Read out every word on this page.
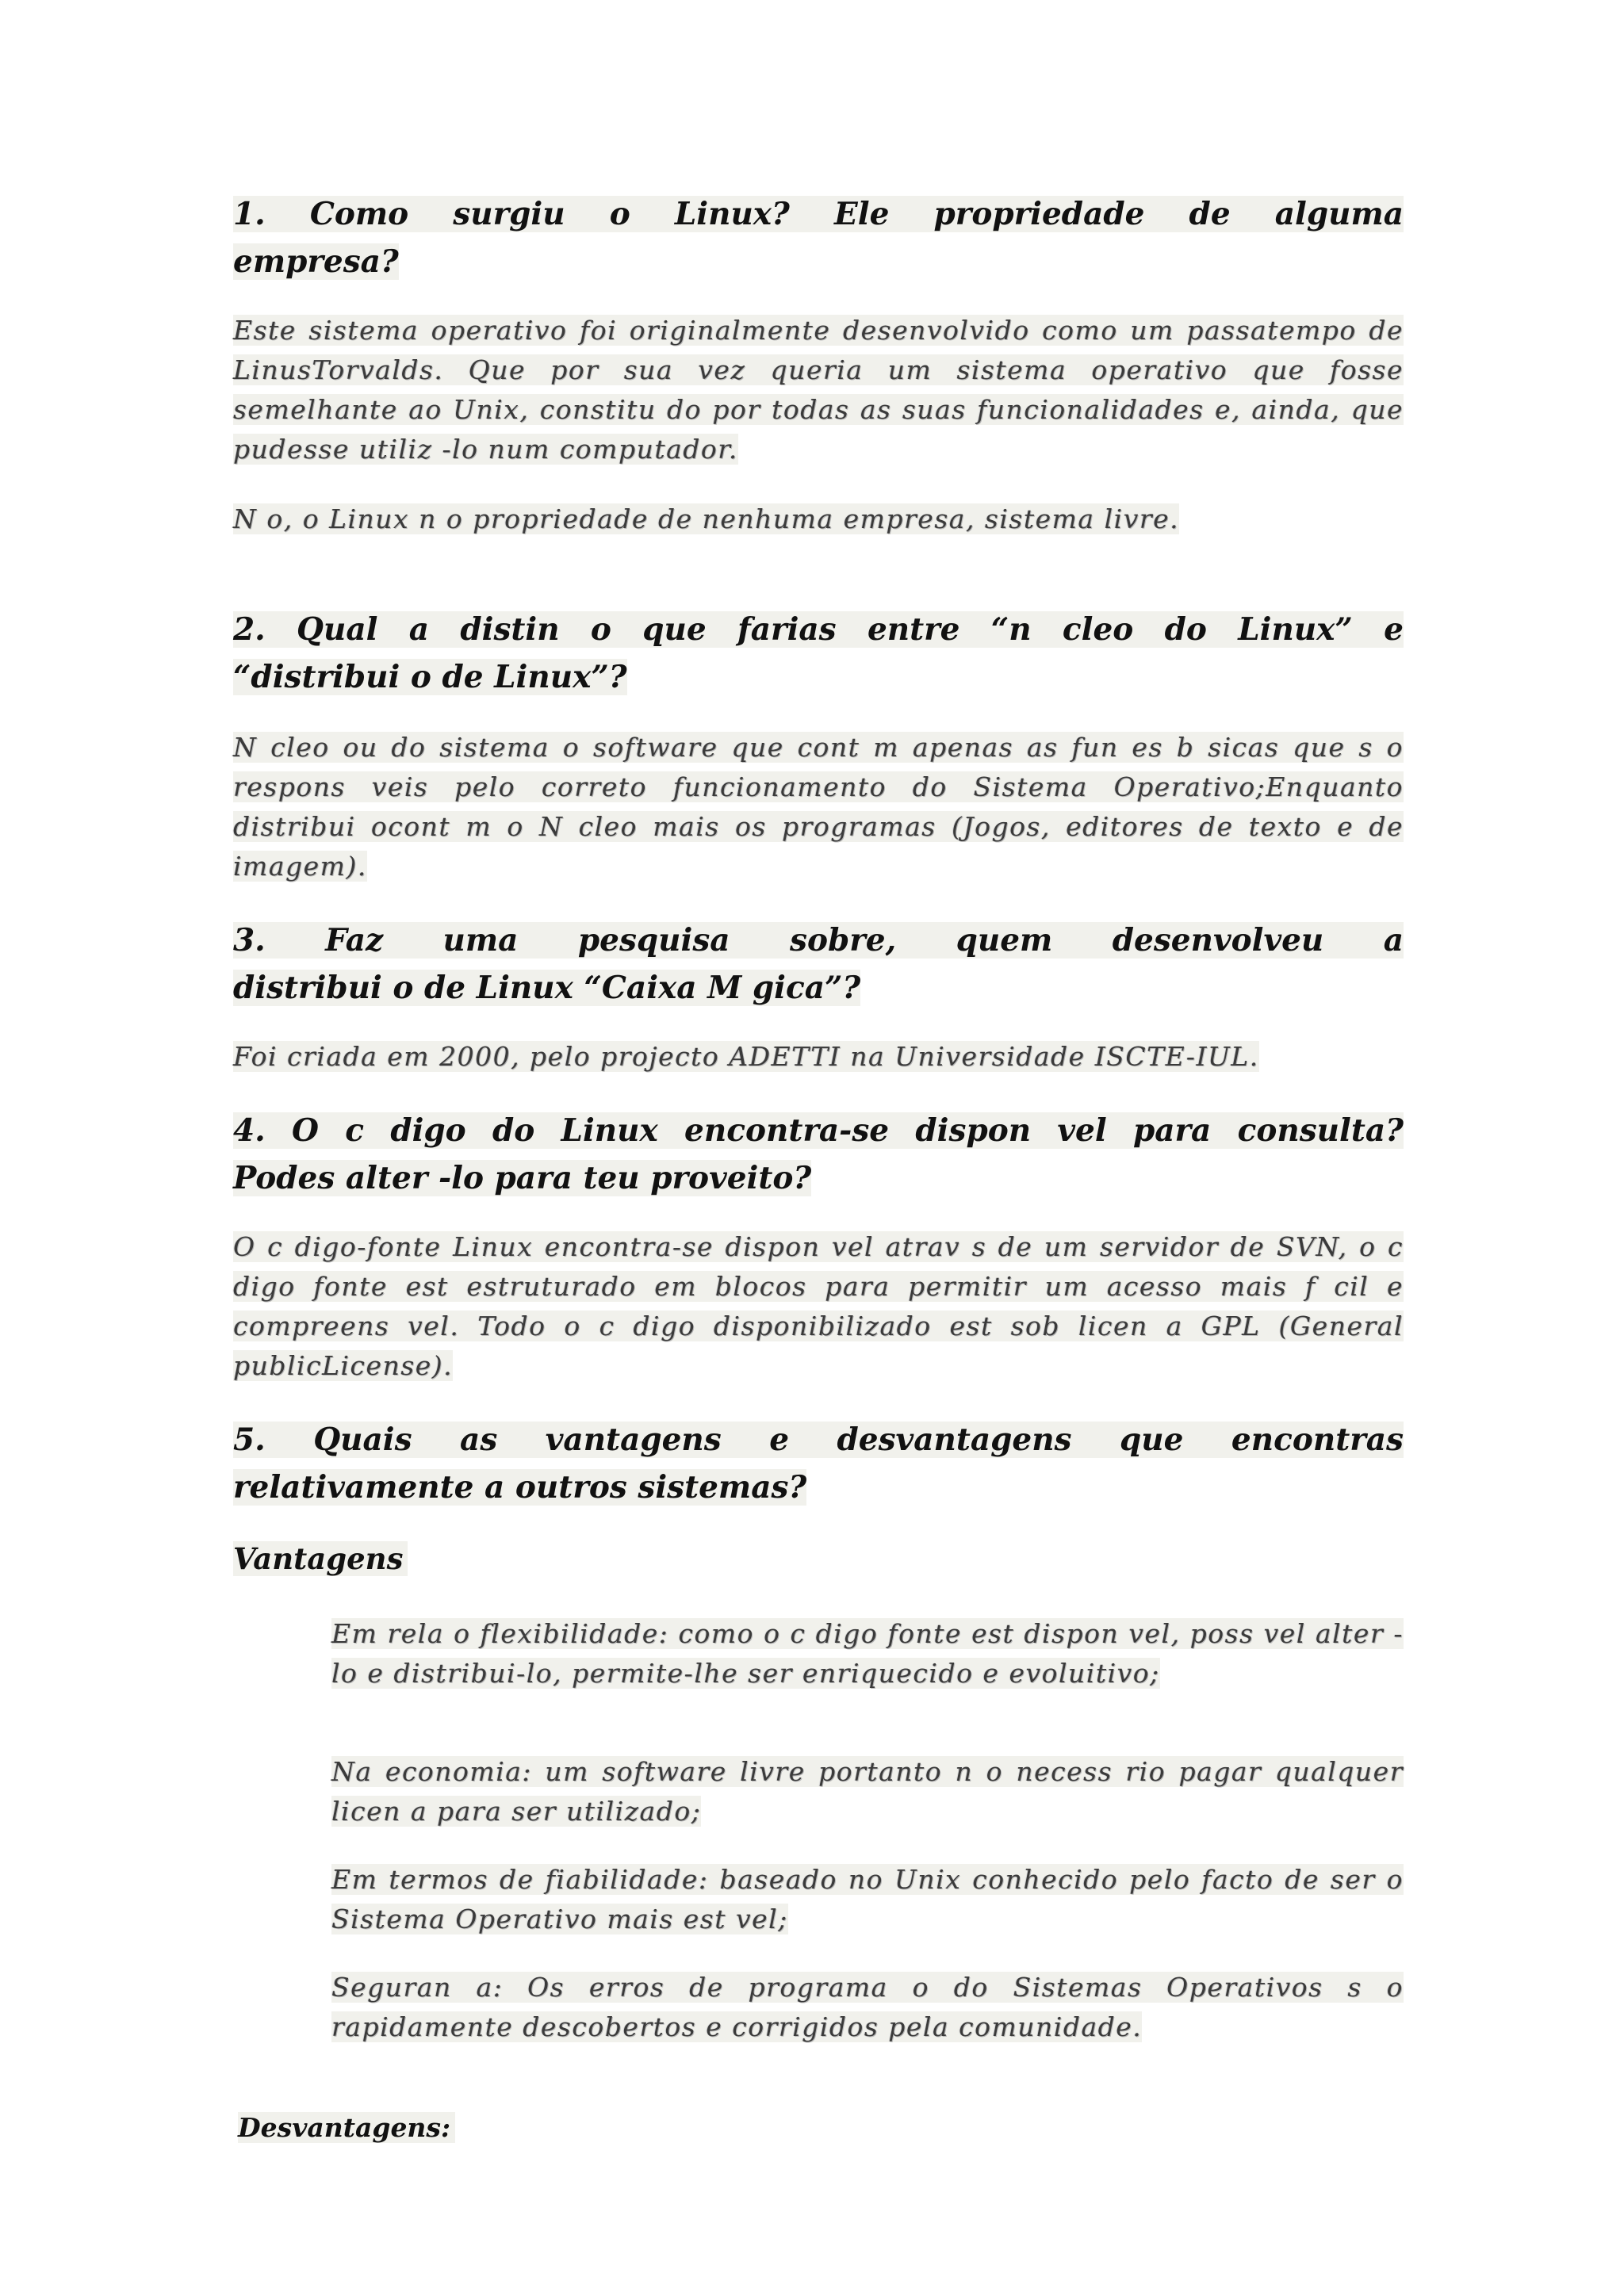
1. Como surgiu o Linux? Ele propriedade de alguma
empresa?
Este sistema operativo foi originalmente desenvolvido como um passatempo de LinusTorvalds. Que por sua vez queria um sistema operativo que fosse semelhante ao Unix, constitu do por todas as suas funcionalidades e, ainda, que pudesse utiliz -lo num computador.
N o, o Linux n o propriedade de nenhuma empresa, sistema livre.
2. Qual a distin o que farias entre “n cleo do Linux” e
“distribui o de Linux”?
N cleo ou do sistema o software que cont m apenas as fun es b sicas que s o respons veis pelo correto funcionamento do Sistema Operativo;Enquanto distribui ocont m o N cleo mais os programas (Jogos, editores de texto e de imagem).
3. Faz uma pesquisa sobre, quem desenvolveu a
distribui o de Linux “Caixa M gica”?
Foi criada em 2000, pelo projecto ADETTI na Universidade ISCTE-IUL.
4. O c digo do Linux encontra-se dispon vel para consulta?
Podes alter -lo para teu proveito?
O c digo-fonte Linux encontra-se dispon vel atrav s de um servidor de SVN, o c digo fonte est estruturado em blocos para permitir um acesso mais f cil e compreens vel. Todo o c digo disponibilizado est sob licen a GPL (General publicLicense).
5. Quais as vantagens e desvantagens que encontras
relativamente a outros sistemas?
Vantagens
Em rela o flexibilidade: como o c digo fonte est dispon vel, poss vel alter -lo e distribui-lo, permite-lhe ser enriquecido e evoluitivo;
Na economia: um software livre portanto n o necess rio pagar qualquer licen a para ser utilizado;
Em termos de fiabilidade: baseado no Unix conhecido pelo facto de ser o Sistema Operativo mais est vel;
Seguran a: Os erros de programa o do Sistemas Operativos s o rapidamente descobertos e corrigidos pela comunidade.
Desvantagens:
